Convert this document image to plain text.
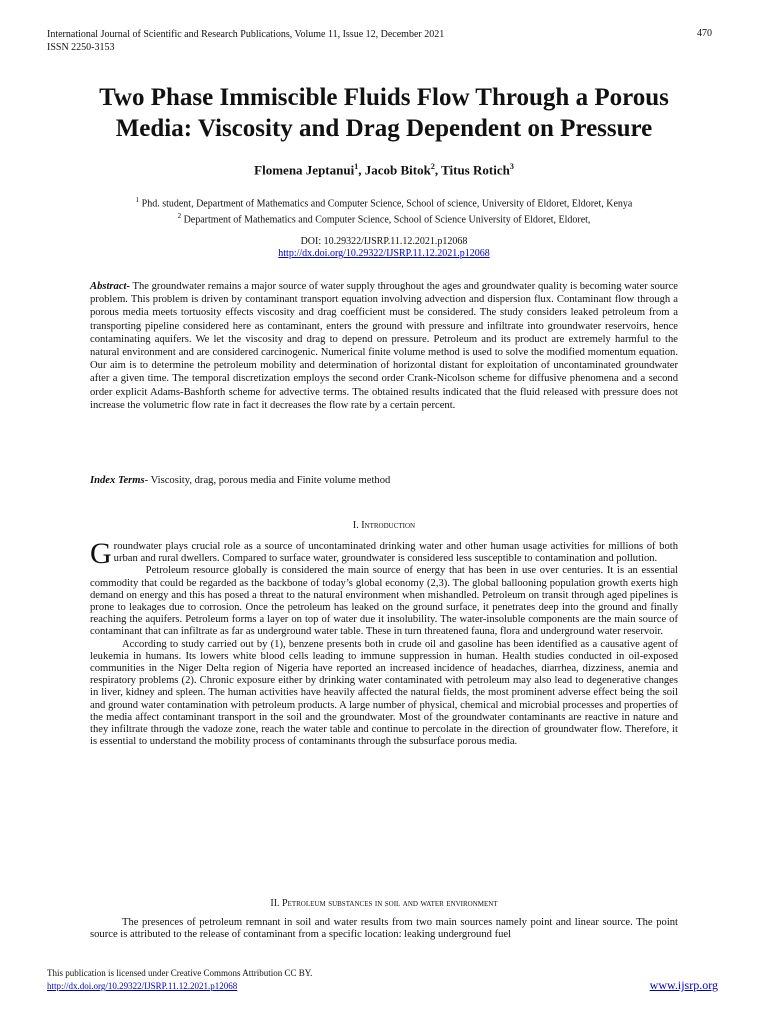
International Journal of Scientific and Research Publications, Volume 11, Issue 12, December 2021
ISSN 2250-3153
470
Two Phase Immiscible Fluids Flow Through a Porous
Media: Viscosity and Drag Dependent on Pressure
Flomena Jeptanui$^1$, Jacob Bitok$^2$, Titus Rotich$^3$
$^1$ Phd. student, Department of Mathematics and Computer Science, School of science, University of Eldoret, Eldoret, Kenya
$^2$ Department of Mathematics and Computer Science, School of Science University of Eldoret, Eldoret,
DOI: 10.29322/IJSRP.11.12.2021.p12068
http://dx.doi.org/10.29322/IJSRP.11.12.2021.p12068
Abstract- The groundwater remains a major source of water supply throughout the ages and groundwater quality is becoming water source problem. This problem is driven by contaminant transport equation involving advection and dispersion flux. Contaminant flow through a porous media meets tortuosity effects viscosity and drag coefficient must be considered. The study considers leaked petroleum from a transporting pipeline considered here as contaminant, enters the ground with pressure and infiltrate into groundwater reservoirs, hence contaminating aquifers. We let the viscosity and drag to depend on pressure. Petroleum and its product are extremely harmful to the natural environment and are considered carcinogenic. Numerical finite volume method is used to solve the modified momentum equation. Our aim is to determine the petroleum mobility and determination of horizontal distant for exploitation of uncontaminated groundwater after a given time. The temporal discretization employs the second order Crank-Nicolson scheme for diffusive phenomena and a second order explicit Adams-Bashforth scheme for advective terms. The obtained results indicated that the fluid released with pressure does not increase the volumetric flow rate in fact it decreases the flow rate by a certain percent.
Index Terms- Viscosity, drag, porous media and Finite volume method
I. Introduction

Groundwater plays crucial role as a source of uncontaminated drinking water and other human usage activities for millions of both urban and rural dwellers. Compared to surface water, groundwater is considered less susceptible to contamination and pollution.

Petroleum resource globally is considered the main source of energy that has been in use over centuries. It is an essential commodity that could be regarded as the backbone of today’s global economy (2,3). The global ballooning population growth exerts high demand on energy and this has posed a threat to the natural environment when mishandled. Petroleum on transit through aged pipelines is prone to leakages due to corrosion. Once the petroleum has leaked on the ground surface, it penetrates deep into the ground and finally reaching the aquifers. Petroleum forms a layer on top of water due it insolubility. The water-insoluble components are the main source of contaminant that can infiltrate as far as underground water table. These in turn threatened fauna, flora and underground water reservoir.

According to study carried out by (1), benzene presents both in crude oil and gasoline has been identified as a causative agent of leukemia in humans. Its lowers white blood cells leading to immune suppression in human. Health studies conducted in oil-exposed communities in the Niger Delta region of Nigeria have reported an increased incidence of headaches, diarrhea, dizziness, anemia and respiratory problems (2). Chronic exposure either by drinking water contaminated with petroleum may also lead to degenerative changes in liver, kidney and spleen. The human activities have heavily affected the natural fields, the most prominent adverse effect being the soil and ground water contamination with petroleum products. A large number of physical, chemical and microbial processes and properties of the media affect contaminant transport in the soil and the groundwater. Most of the groundwater contaminants are reactive in nature and they infiltrate through the vadoze zone, reach the water table and continue to percolate in the direction of groundwater flow. Therefore, it is essential to understand the mobility process of contaminants through the subsurface porous media.

II. Petroleum substances in soil and water environment

The presences of petroleum remnant in soil and water results from two main sources namely point and linear source. The point source is attributed to the release of contaminant from a specific location: leaking underground fuel

This publication is licensed under Creative Commons Attribution CC BY.
http://dx.doi.org/10.29322/IJSRP.11.12.2021.p12068	www.ijsrp.org
